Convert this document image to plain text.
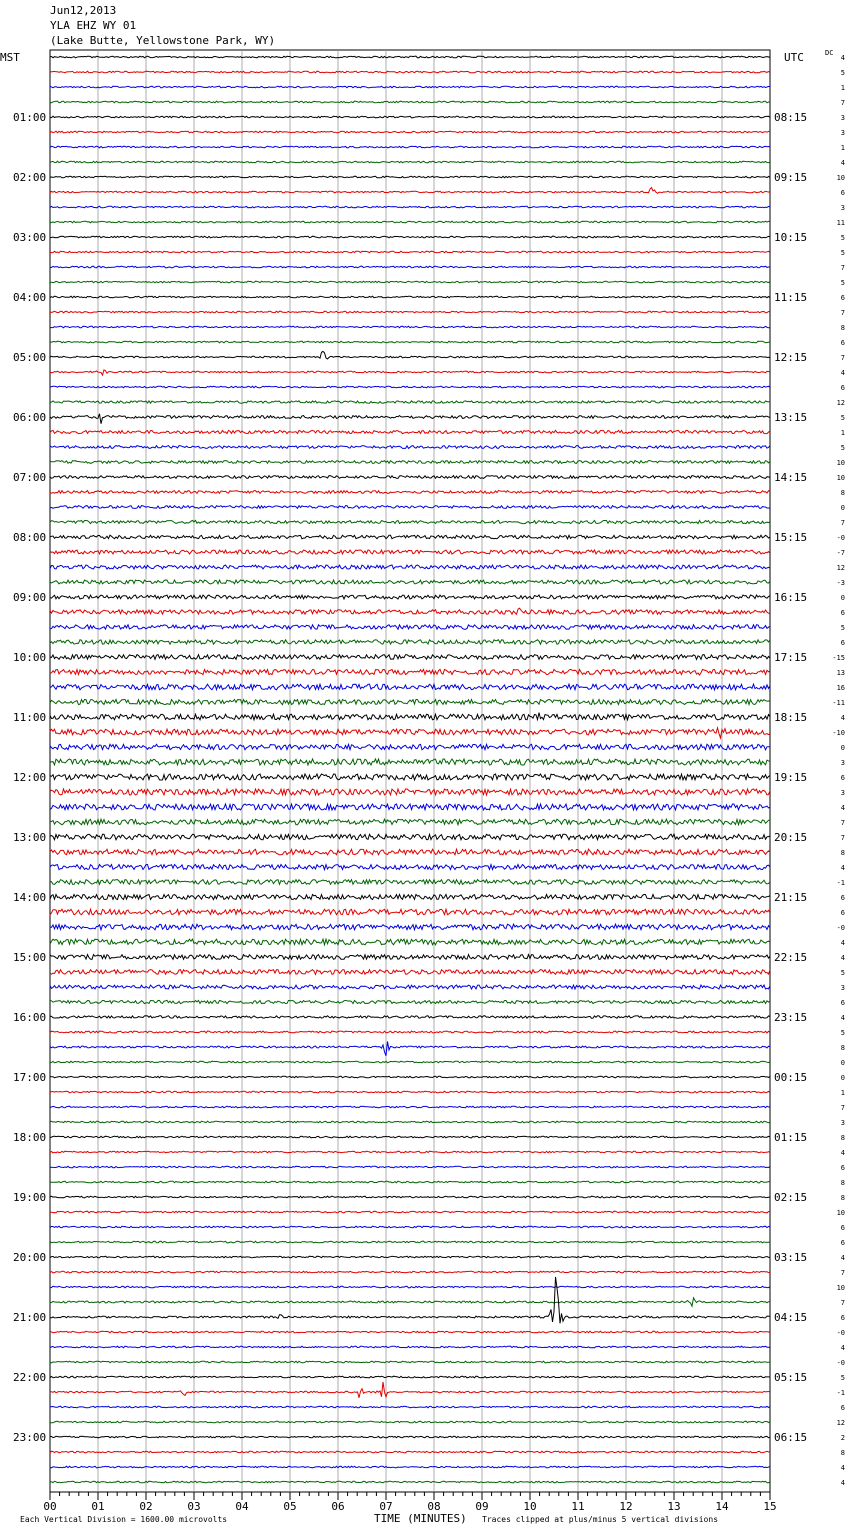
Jun12,2013
YLA EHZ WY 01
(Lake Butte, Yellowstone Park, WY)
MST	UTC	DC
01:00
02:00
03:00
04:00
05:00
06:00
07:00
08:00
09:00
10:00
11:00
12:00
13:00
14:00
15:00
16:00
17:00
18:00
19:00
20:00
21:00
22:00
23:00
08:15
09:15
10:15
11:15
12:15
13:15
14:15
15:15
16:15
17:15
18:15
19:15
20:15
21:15
22:15
23:15
00:15
01:15
02:15
03:15
04:15
05:15
06:15
4
5
1
7
3
3
1
4
10
6
3
11
5
5
7
5
6
7
8
6
7
4
6
12
5
1
5
10
10
8
0
7
-0
-7
12
-3
0
6
5
6
-15
13
16
-11
4
-10
0
3
6
3
4
7
7
8
4
-1
6
6
-0
4
4
5
3
6
4
5
8
0
0
1
7
3
8
4
6
8
8
10
6
6
4
7
10
7
6
-0
4
-0
5
-1
6
12
2
8
4
4
00	01	02	03	04	05	06	07	08	09	10	11	12	13	14	15
Each Vertical Division = 1600.00 microvolts	TIME (MINUTES) Traces clipped at plus/minus 5 vertical divisions
